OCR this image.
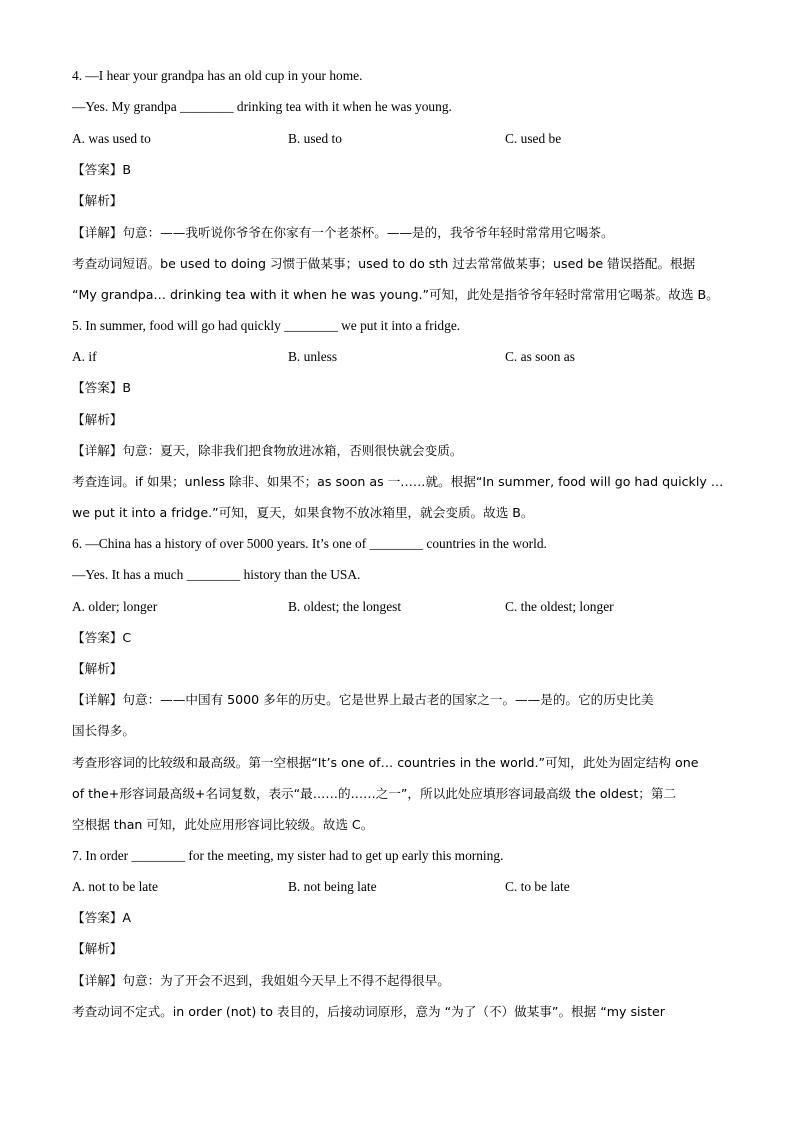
4. —I hear your grandpa has an old cup in your home.
—Yes. My grandpa ________ drinking tea with it when he was young.
A. was used to	B. used to	C. used be
【答案】B
【解析】
【详解】句意：——我听说你爷爷在你家有一个老茶杯。——是的，我爷爷年轻时常常用它喝茶。
考查动词短语。be used to doing 习惯于做某事；used to do sth 过去常常做某事；used be 错误搭配。根据
“My grandpa… drinking tea with it when he was young.”可知，此处是指爷爷年轻时常常用它喝茶。故选 B。
5. In summer, food will go had quickly ________ we put it into a fridge.
A. if	B. unless	C. as soon as
【答案】B
【解析】
【详解】句意：夏天，除非我们把食物放进冰箱，否则很快就会变质。
考查连词。if 如果；unless 除非、如果不；as soon as 一……就。根据“In summer, food will go had quickly …
we put it into a fridge.”可知，夏天，如果食物不放冰箱里，就会变质。故选 B。
6. —China has a history of over 5000 years. It’s one of ________ countries in the world.
—Yes. It has a much ________ history than the USA.
A. older; longer	B. oldest; the longest	C. the oldest; longer
【答案】C
【解析】
【详解】句意：——中国有 5000 多年的历史。它是世界上最古老的国家之一。——是的。它的历史比美
国长得多。
考查形容词的比较级和最高级。第一空根据“It’s one of… countries in the world.”可知，此处为固定结构 one
of the+形容词最高级+名词复数，表示“最……的……之一”，所以此处应填形容词最高级 the oldest；第二
空根据 than 可知，此处应用形容词比较级。故选 C。
7. In order ________ for the meeting, my sister had to get up early this morning.
A. not to be late	B. not being late	C. to be late
【答案】A
【解析】
【详解】句意：为了开会不迟到，我姐姐今天早上不得不起得很早。
考查动词不定式。in order (not) to 表目的，后接动词原形，意为 “为了（不）做某事”。根据 “my sister
